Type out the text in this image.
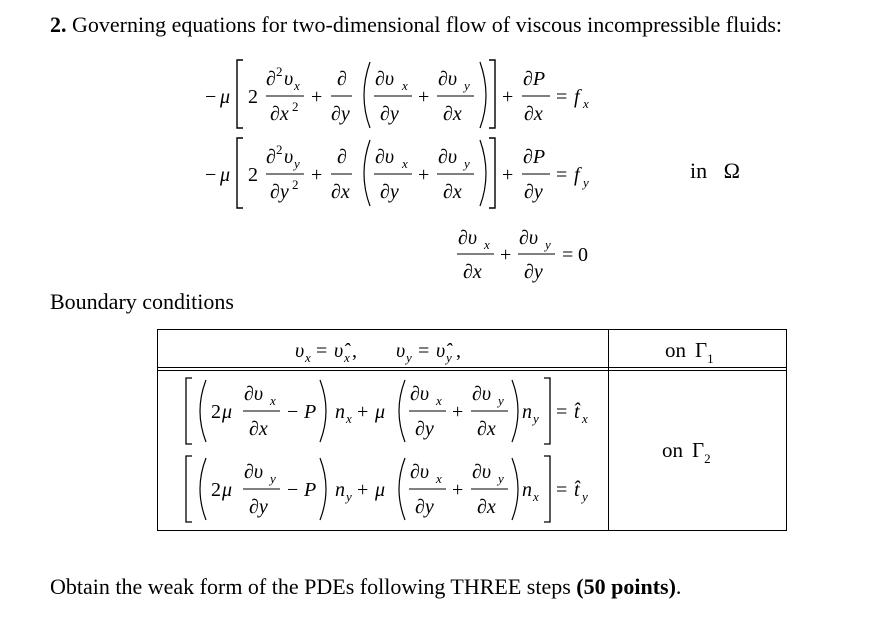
2. Governing equations for two-dimensional flow of viscous incompressible fluids:
− μ 2
∂ 2 υ x
∂x 2 +
∂
∂y
∂υ x
∂y
+
∂υ y
∂x
+
∂P
∂x
= f x
− μ 2
∂ 2 υ y
∂y 2 +
∂
∂x
∂υ x
∂y
+
∂υ y
∂x
+
∂P
∂y
= f y
∂υ x
∂x
+
∂υ y
∂y
= 0
in Ω
Boundary conditions
υ x = υ̂ x , υ y = υ̂ y ,
2 μ
∂υ x
∂x
− P n x + μ
∂υ x
∂y
+
∂υ y
∂x
n y = t̂ x
2 μ
∂υ y
∂y
− P n y + μ
∂υ x
∂y
+
∂υ y
∂x
n x = t̂ y
on $\Gamma_1$
on $\Gamma_2$
Obtain the weak form of the PDEs following THREE steps (50 points).
